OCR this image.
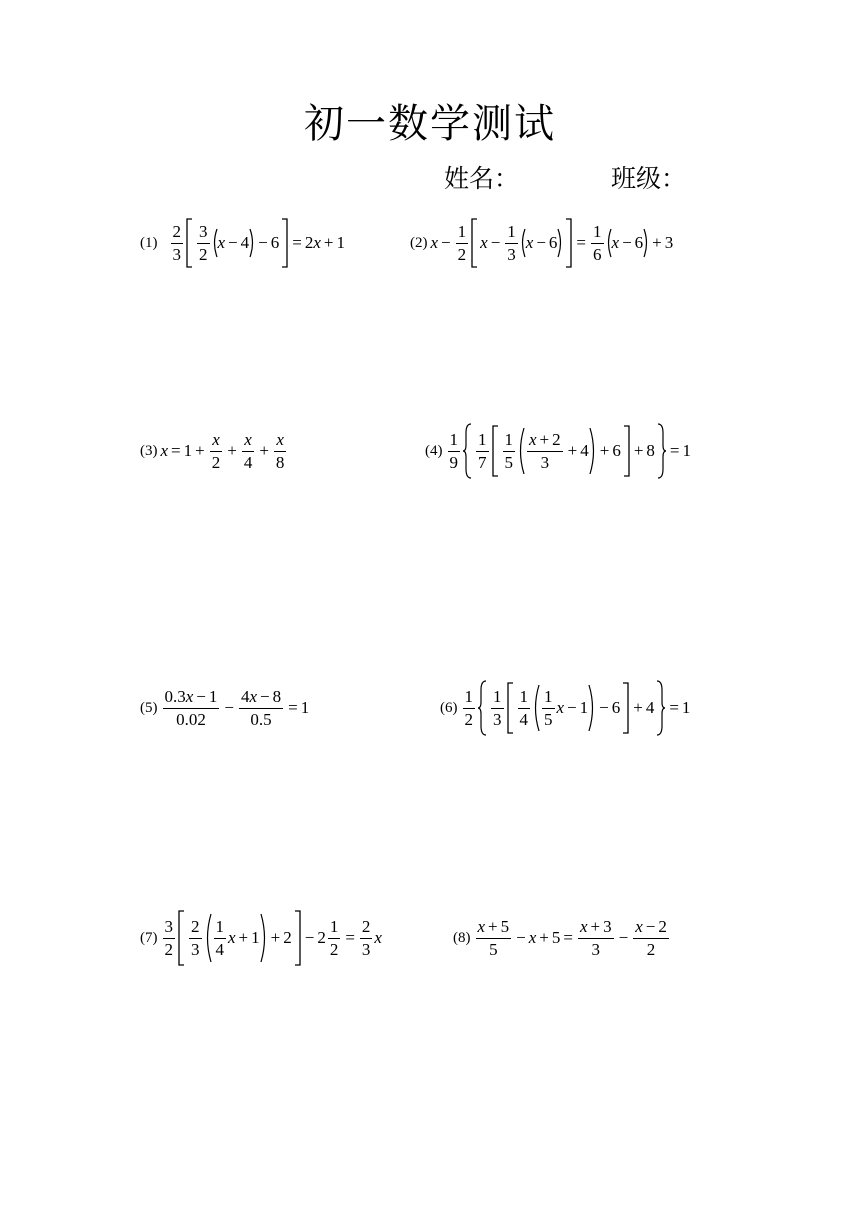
初一数学测试
姓名：	班级：
$(1) \frac{2}{3} \frac{3}{2}$ x − 4 − 6 = 2 x + 1	(2) $x - \frac{1}{2}$ $x - \frac{1}{3}$ x − 6	= $\frac{1}{6}$ x − 6 + 3
(3) $x = 1 + \frac{x}{2} + \frac{x}{4} + \frac{x}{8}$	$(4) \frac{1}{9} \frac{1}{7} \frac{1}{5} \frac{x + 2}{3} + 4 + 6 + 8 = 1$
$(5) \frac{0.3x - 1}{0.02} - \frac{4x - 8}{0.5} = 1$	$(6) \frac{1}{2} \frac{1}{3} \frac{1}{4} \frac{1}{5}$ x − 1 − 6 + 4 = 1
$(7) \frac{3}{2} \frac{2}{3} \frac{1}{4}$ $x + 1 + 2 - 2 \frac{1}{2} = \frac{2}{3}$ x	$(8) \frac{x + 5}{5} - x + 5 = \frac{x + 3}{3} - \frac{x - 2}{2}$
